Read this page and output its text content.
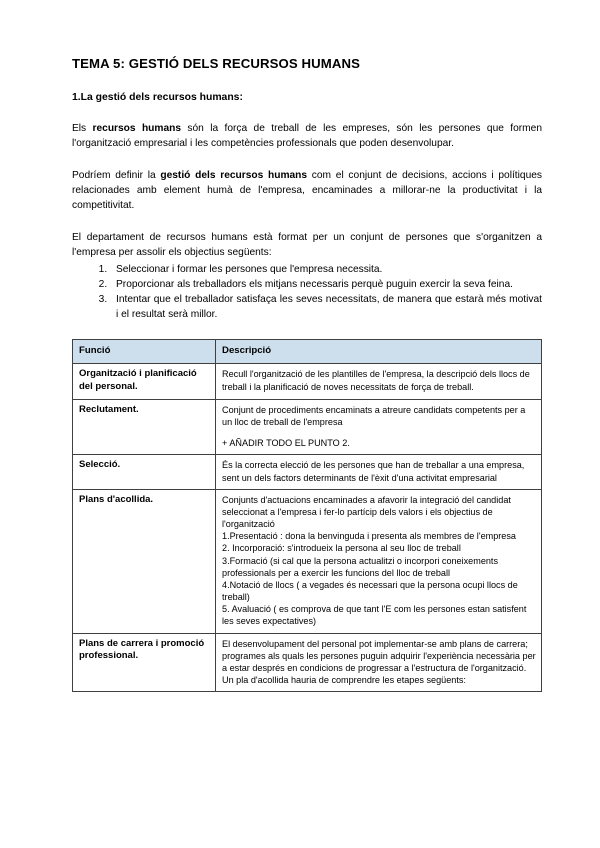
TEMA 5: GESTIÓ DELS RECURSOS HUMANS
1.La gestió dels recursos humans:

Els recursos humans són la força de treball de les empreses, són les persones que formen l'organització empresarial i les competències professionals que poden desenvolupar.

Podríem definir la gestió dels recursos humans com el conjunt de decisions, accions i polítiques relacionades amb element humà de l'empresa, encaminades a millorar-ne la productivitat i la competitivitat.

El departament de recursos humans està format per un conjunt de persones que s'organitzen a l'empresa per assolir els objectius següents:

1. Seleccionar i formar les persones que l'empresa necessita.
2. Proporcionar als treballadors els mitjans necessaris perquè puguin exercir la seva feina.
3. Intentar que el treballador satisfaça les seves necessitats, de manera que estarà més motivat i el resultat serà millor.
Funció	Descripció
Organització i planificació del personal.	Recull l'organització de les plantilles de l'empresa, la descripció dels llocs de treball i la planificació de noves necessitats de força de treball.

Reclutament.	Conjunt de procediments encaminats a atreure candidats competents per a un lloc de treball de l'empresa
+ AÑADIR TODO EL PUNTO 2.

Selecció.	És la correcta elecció de les persones que han de treballar a una empresa, sent un dels factors determinants de l'èxit d'una activitat empresarial

Plans d'acollida.	Conjunts d'actuacions encaminades a afavorir la integració del candidat seleccionat a l'empresa i fer-lo partícip dels valors i els objectius de l'organització
1.Presentació : dona la benvinguda i presenta als membres de l'empresa
2. Incorporació: s'introdueix la persona al seu lloc de treball
3.Formació (si cal que la persona actualitzi o incorpori coneixements professionals per a exercir les funcions del lloc de treball
4.Notació de llocs ( a vegades és necessari que la persona ocupi llocs de treball)
5. Avaluació ( es comprova de que tant l'E com les persones estan satisfent les seves expectatives)

Plans de carrera i promoció professional.	El desenvolupament del personal pot implementar-se amb plans de carrera; programes als quals les persones puguin adquirir l'experiència necessària per a estar després en condicions de progressar a l'estructura de l'organització. Un pla d'acollida hauria de comprendre les etapes següents:
